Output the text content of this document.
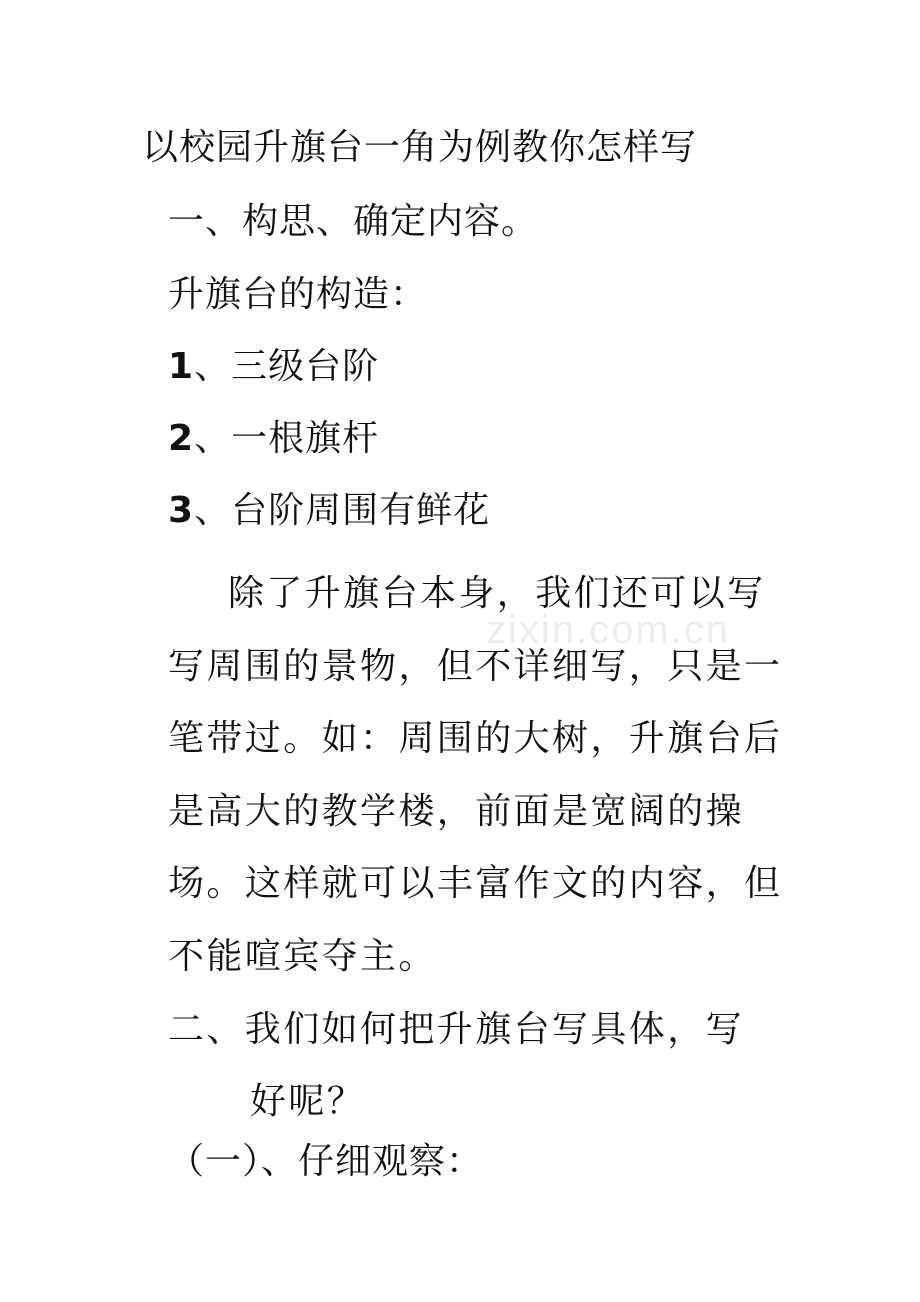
以校园升旗台一角为例教你怎样写
一、构思、确定内容。
升旗台的构造：
1、三级台阶
2、一根旗杆
3、台阶周围有鲜花
除了升旗台本身，我们还可以写写周围的景物，但不详细写，只是一笔带过。如：周围的大树，升旗台后是高大的教学楼，前面是宽阔的操场。这样就可以丰富作文的内容，但不能喧宾夺主。
zixin.com.cn
二、我们如何把升旗台写具体，写
好呢？
（一）、仔细观察：
